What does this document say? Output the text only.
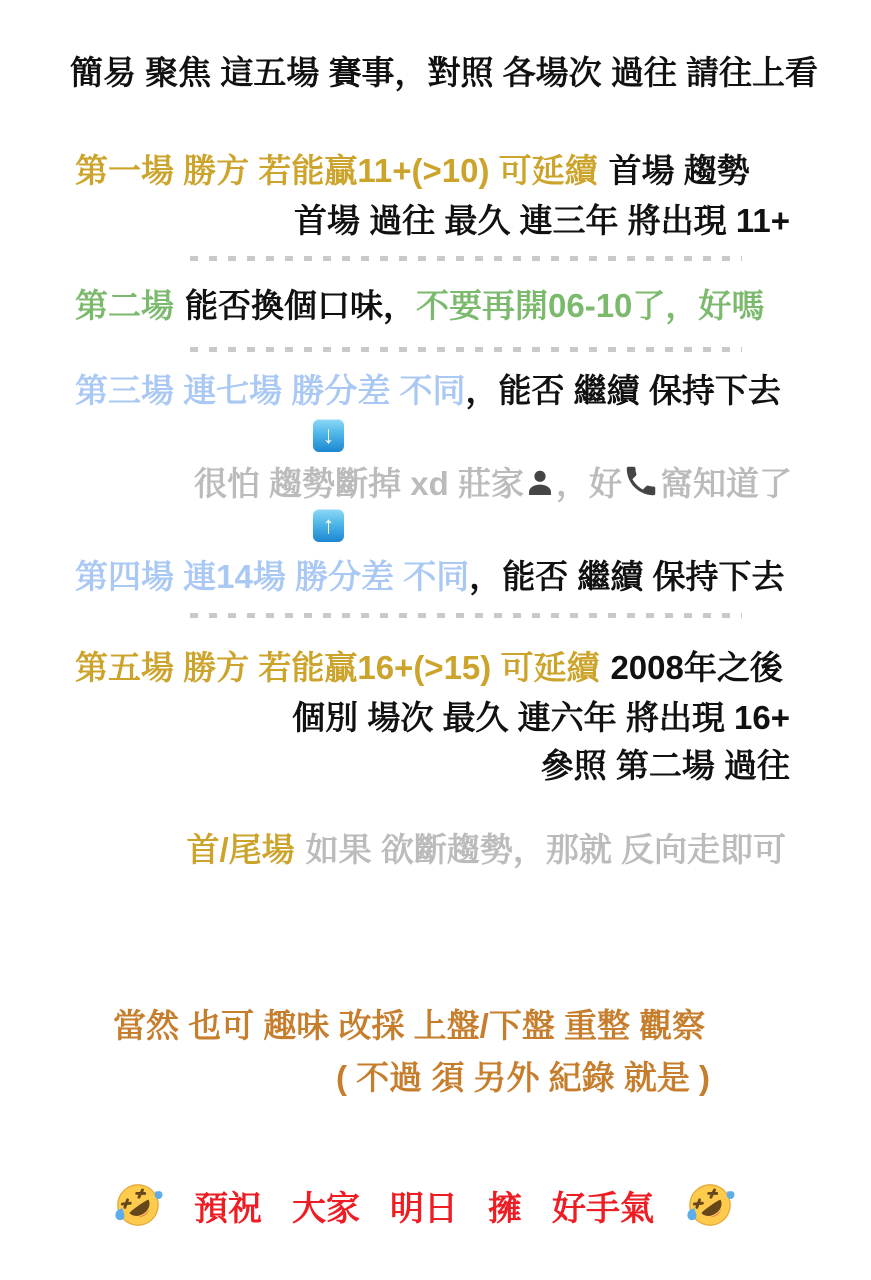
簡易 聚焦 這五場 賽事，對照 各場次 過往 請往上看
第一場 勝方 若能贏11+(>10) 可延續 首場 趨勢
首場 過往 最久 連三年 將出現 11+
第二場 能否換個口味，不要再開06-10了，好嗎
第三場 連七場 勝分差 不同，能否 繼續 保持下去
↓
很怕 趨勢斷掉 xd 莊家 ，好 窩知道了
↑
第四場 連14場 勝分差 不同，能否 繼續 保持下去
第五場 勝方 若能贏16+(>15) 可延續 2008年之後
個別 場次 最久 連六年 將出現 16+
參照 第二場 過往
首/尾場 如果 欲斷趨勢，那就 反向走即可
當然 也可 趣味 改採 上盤/下盤 重整 觀察
( 不過 須 另外 紀錄 就是 )
預祝 大家 明日 擁 好手氣
